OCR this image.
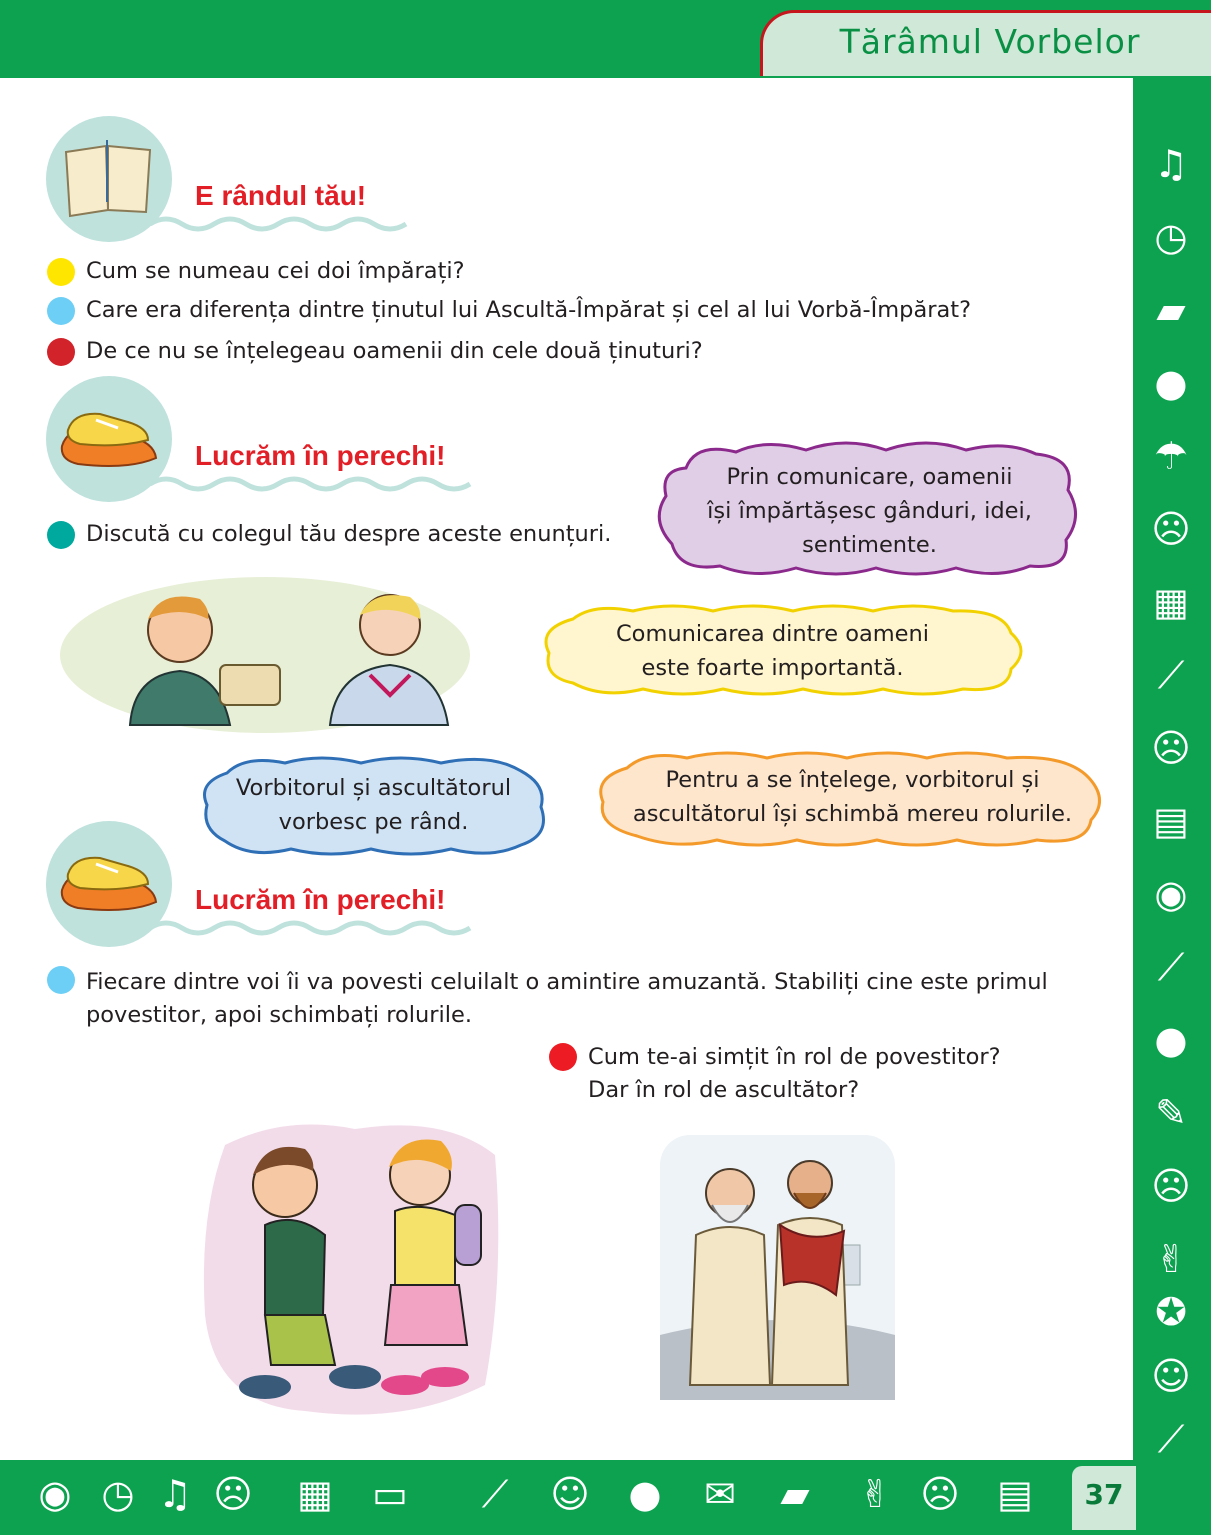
Tărâmul Vorbelor
♫
◷
▰
●
☂
☹
▦
⟋
☹
▤
◉
⟋
●
✎
☹
✌
✪
☺
⟋
◉ ◷ ♫ ☹	▦	▭	⟋	☺	●	✉	▰	✌ ☹ ▤	37
E rândul tău!
Cum se numeau cei doi împărați?
Care era diferența dintre ținutul lui Ascultă-Împărat și cel al lui Vorbă-Împărat?
De ce nu se înțelegeau oamenii din cele două ținuturi?
Lucrăm în perechi!
Discută cu colegul tău despre aceste enunțuri.
Prin comunicare, oamenii
își împărtășesc gânduri, idei,
sentimente.
Comunicarea dintre oameni
este foarte importantă.
Vorbitorul și ascultătorul
vorbesc pe rând.
Pentru a se înțelege, vorbitorul și
ascultătorul își schimbă mereu rolurile.
Lucrăm în perechi!
Fiecare dintre voi îi va povesti celuilalt o amintire amuzantă. Stabiliți cine este primul
povestitor, apoi schimbați rolurile.
Cum te-ai simțit în rol de povestitor?
Dar în rol de ascultător?
